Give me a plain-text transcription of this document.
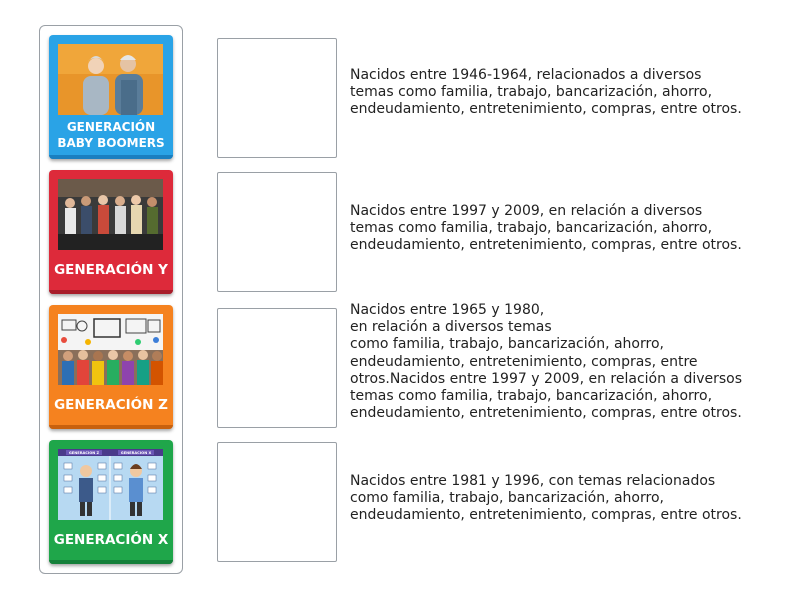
GENERACIÓN
BABY BOOMERS
GENERACIÓN Y
GENERACIÓN Z
GENERACION Z	GENERACION X
GENERACIÓN X
Nacidos entre 1946-1964, relacionados a diversos
temas como familia, trabajo, bancarización, ahorro,
endeudamiento, entretenimiento, compras, entre otros.
Nacidos entre 1997 y 2009, en relación a diversos
temas como familia, trabajo, bancarización, ahorro,
endeudamiento, entretenimiento, compras, entre otros.
Nacidos entre 1965 y 1980,
en relación a diversos temas
como familia, trabajo, bancarización, ahorro,
endeudamiento, entretenimiento, compras, entre
otros.Nacidos entre 1997 y 2009, en relación a diversos
temas como familia, trabajo, bancarización, ahorro,
endeudamiento, entretenimiento, compras, entre otros.
Nacidos entre 1981 y 1996, con temas relacionados
como familia, trabajo, bancarización, ahorro,
endeudamiento, entretenimiento, compras, entre otros.
